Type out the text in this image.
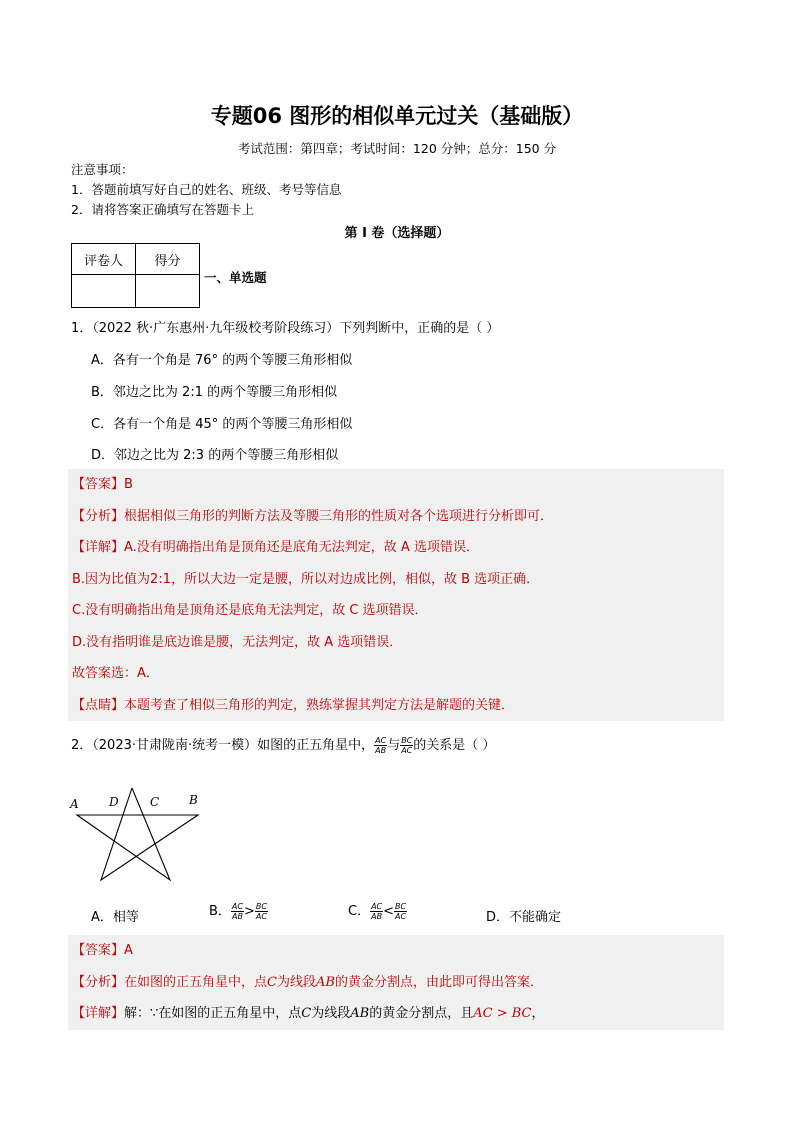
专题06 图形的相似单元过关（基础版）
考试范围：第四章；考试时间：120 分钟；总分：150 分
注意事项：
1．答题前填写好自己的姓名、班级、考号等信息
2．请将答案正确填写在答题卡上
第 I 卷（选择题）
评卷人	得分

一、单选题
1．（2022 秋·广东惠州·九年级校考阶段练习）下列判断中，正确的是（ ）
A．各有一个角是 76° 的两个等腰三角形相似
B．邻边之比为 2:1 的两个等腰三角形相似
C．各有一个角是 45° 的两个等腰三角形相似
D．邻边之比为 2:3 的两个等腰三角形相似
【答案】B
【分析】根据相似三角形的判断方法及等腰三角形的性质对各个选项进行分析即可．
【详解】A.没有明确指出角是顶角还是底角无法判定，故 A 选项错误．
B.因为比值为2:1，所以大边一定是腰，所以对边成比例，相似，故 B 选项正确．
C.没有明确指出角是顶角还是底角无法判定，故 C 选项错误．
D.没有指明谁是底边谁是腰，无法判定，故 A 选项错误．
故答案选：A．
【点睛】本题考查了相似三角形的判定，熟练掌握其判定方法是解题的关键．
2．（2023·甘肃陇南·统考一模）如图的正五角星中， $\frac{AC}{AB}$ 与 $\frac{BC}{AC}$ 的关系是（ ）
A	D	C B
A．相等	B． $\frac{AC}{AB} > \frac{BC}{AC}$	C． $\frac{AC}{AB} < \frac{BC}{AC}$	D．不能确定
【答案】A
【分析】在如图的正五角星中，点C为线段AB的黄金分割点，由此即可得出答案．
【详解】解：∵在如图的正五角星中，点C为线段AB的黄金分割点，且AC > BC，
